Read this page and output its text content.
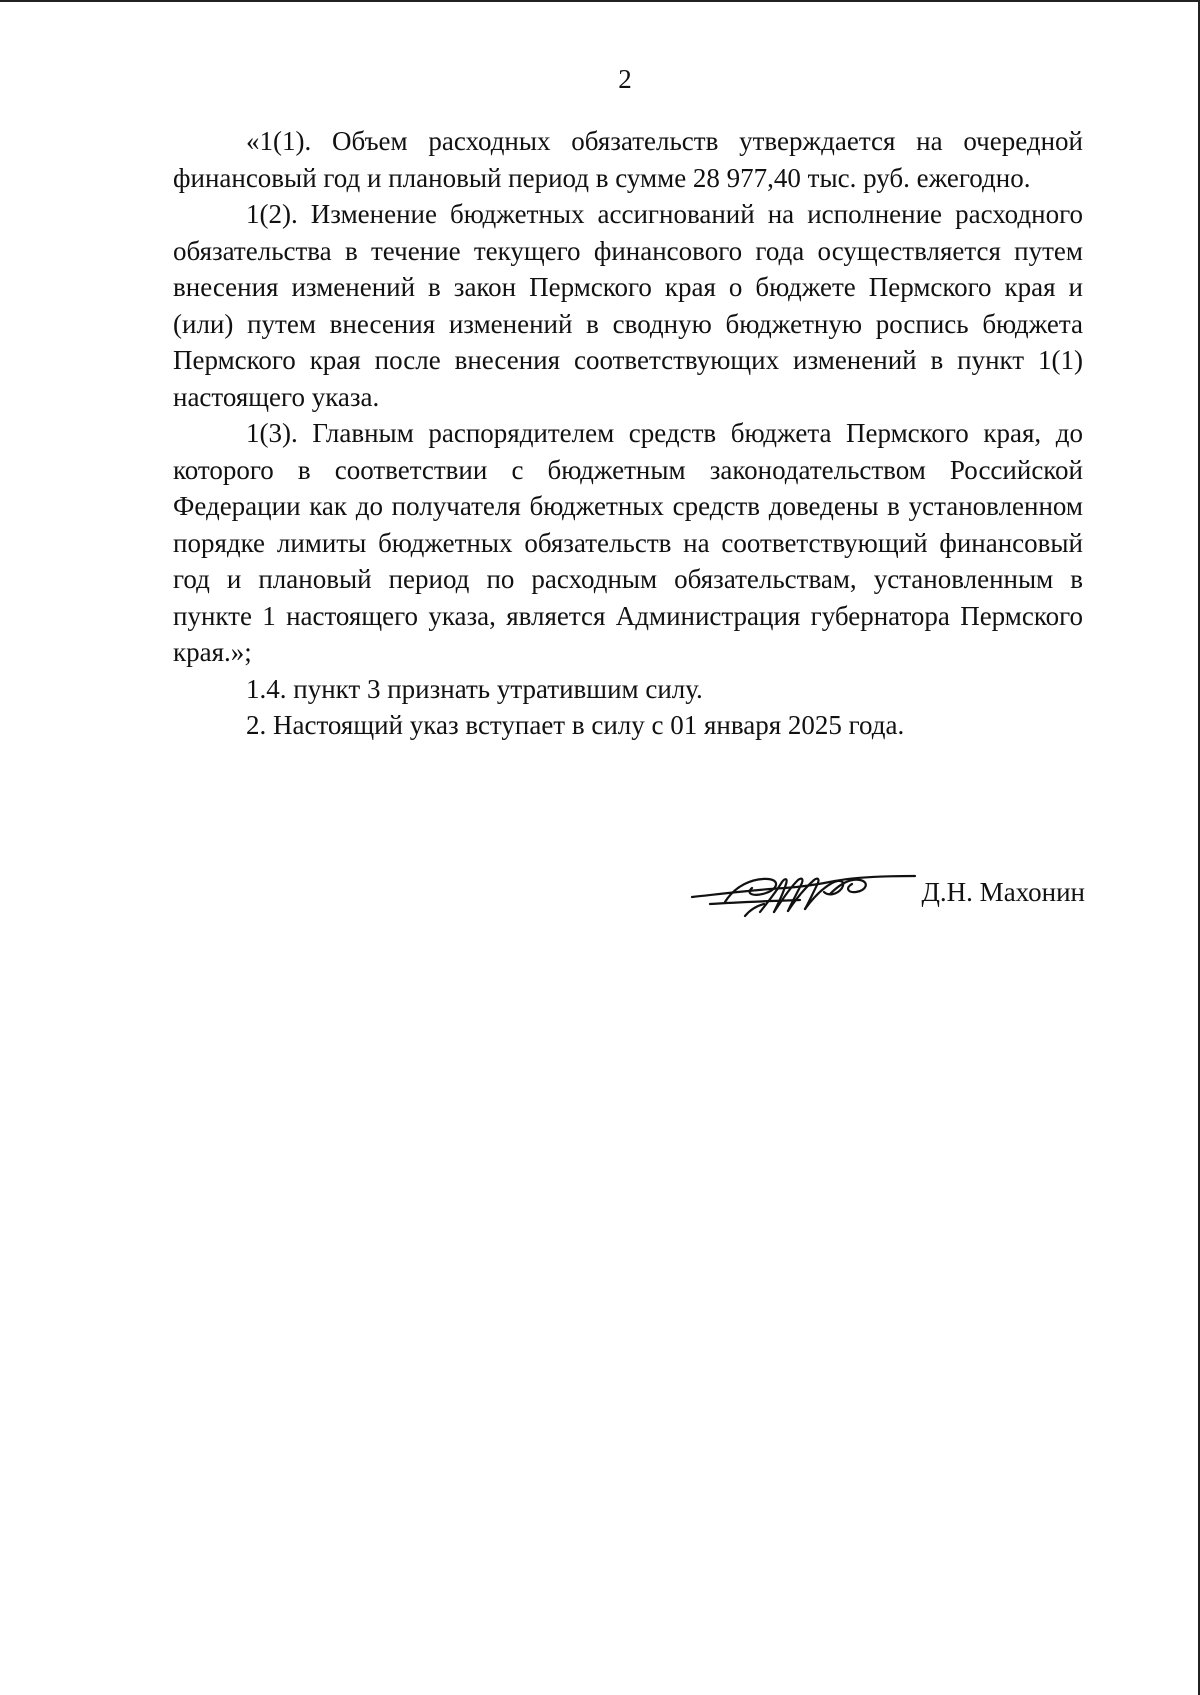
2

«1(1). Объем расходных обязательств утверждается на очередной финансовый год и плановый период в сумме 28 977,40 тыс. руб. ежегодно.

1(2). Изменение бюджетных ассигнований на исполнение расходного обязательства в течение текущего финансового года осуществляется путем внесения изменений в закон Пермского края о бюджете Пермского края и (или) путем внесения изменений в сводную бюджетную роспись бюджета Пермского края после внесения соответствующих изменений в пункт 1(1) настоящего указа.

1(3). Главным распорядителем средств бюджета Пермского края, до которого в соответствии с бюджетным законодательством Российской Федерации как до получателя бюджетных средств доведены в установленном порядке лимиты бюджетных обязательств на соответствующий финансовый год и плановый период по расходным обязательствам, установленным в пункте 1 настоящего указа, является Администрация губернатора Пермского края.»;

1.4. пункт 3 признать утратившим силу.

2. Настоящий указ вступает в силу с 01 января 2025 года.

Д.Н. Махонин
